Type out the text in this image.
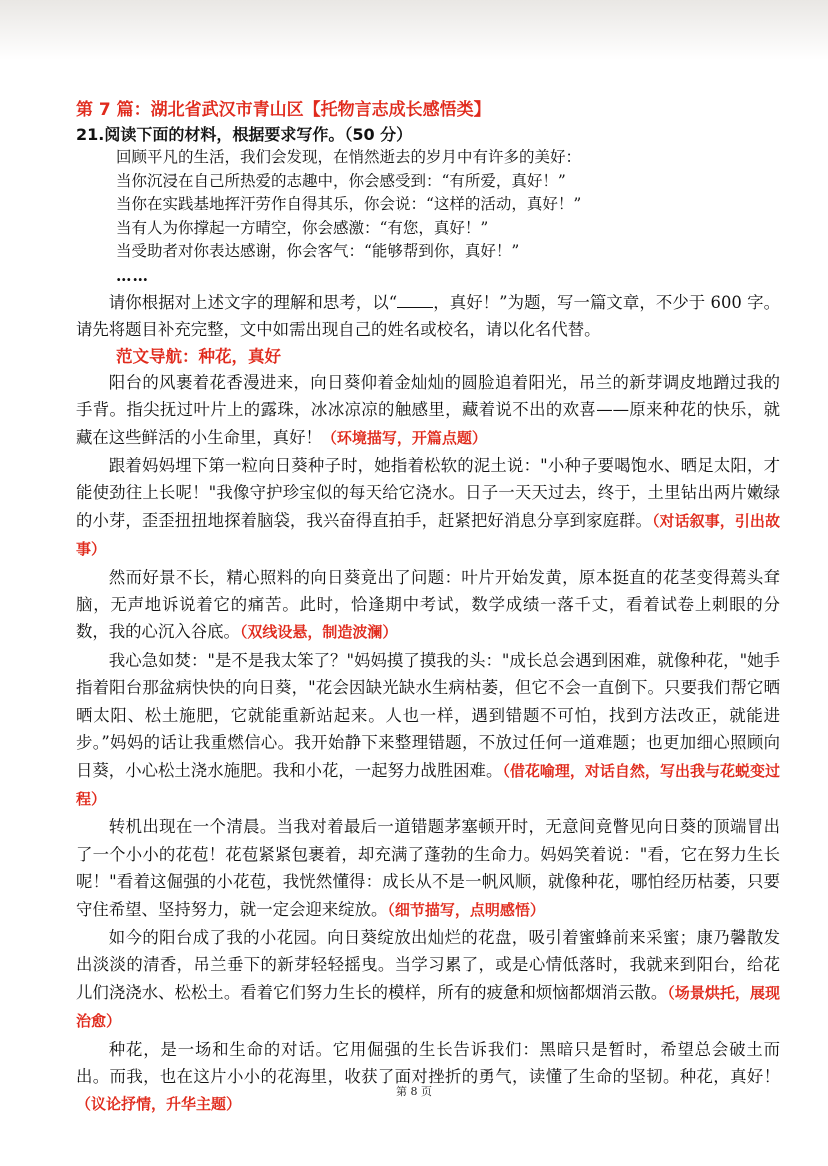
第 7 篇：湖北省武汉市青山区【托物言志成长感悟类】
21.阅读下面的材料，根据要求写作。（50 分）
回顾平凡的生活，我们会发现，在悄然逝去的岁月中有许多的美好：
当你沉浸在自己所热爱的志趣中，你会感受到：“有所爱，真好！”
当你在实践基地挥汗劳作自得其乐，你会说：“这样的活动，真好！”
当有人为你撑起一方晴空，你会感激：“有您，真好！”
当受助者对你表达感谢，你会客气：“能够帮到你，真好！”
……

请你根据对上述文字的理解和思考，以“ ，真好！”为题，写一篇文章，不少于 600 字。请先将题目补充完整，文中如需出现自己的姓名或校名，请以化名代替。

范文导航：种花，真好

阳台的风裹着花香漫进来，向日葵仰着金灿灿的圆脸追着阳光，吊兰的新芽调皮地蹭过我的手背。指尖抚过叶片上的露珠，冰冰凉凉的触感里，藏着说不出的欢喜——原来种花的快乐，就藏在这些鲜活的小生命里，真好！（环境描写，开篇点题）

跟着妈妈埋下第一粒向日葵种子时，她指着松软的泥土说："小种子要喝饱水、晒足太阳，才能使劲往上长呢！"我像守护珍宝似的每天给它浇水。日子一天天过去，终于，土里钻出两片嫩绿的小芽，歪歪扭扭地探着脑袋，我兴奋得直拍手，赶紧把好消息分享到家庭群。（对话叙事，引出故事）

然而好景不长，精心照料的向日葵竟出了问题：叶片开始发黄，原本挺直的花茎变得蔫头耷脑，无声地诉说着它的痛苦。此时，恰逢期中考试，数学成绩一落千丈，看着试卷上刺眼的分数，我的心沉入谷底。（双线设悬，制造波澜）

我心急如焚："是不是我太笨了？"妈妈摸了摸我的头："成长总会遇到困难，就像种花，"她手指着阳台那盆病快快的向日葵，"花会因缺光缺水生病枯萎，但它不会一直倒下。只要我们帮它晒晒太阳、松土施肥，它就能重新站起来。人也一样，遇到错题不可怕，找到方法改正，就能进步。”妈妈的话让我重燃信心。我开始静下来整理错题，不放过任何一道难题；也更加细心照顾向日葵，小心松土浇水施肥。我和小花，一起努力战胜困难。（借花喻理，对话自然，写出我与花蜕变过程）

转机出现在一个清晨。当我对着最后一道错题茅塞顿开时，无意间竟瞥见向日葵的顶端冒出了一个小小的花苞！花苞紧紧包裹着，却充满了蓬勃的生命力。妈妈笑着说："看，它在努力生长呢！"看着这倔强的小花苞，我恍然懂得：成长从不是一帆风顺，就像种花，哪怕经历枯萎，只要守住希望、坚持努力，就一定会迎来绽放。（细节描写，点明感悟）

如今的阳台成了我的小花园。向日葵绽放出灿烂的花盘，吸引着蜜蜂前来采蜜；康乃馨散发出淡淡的清香，吊兰垂下的新芽轻轻摇曳。当学习累了，或是心情低落时，我就来到阳台，给花儿们浇浇水、松松土。看着它们努力生长的模样，所有的疲惫和烦恼都烟消云散。（场景烘托，展现治愈）

种花，是一场和生命的对话。它用倔强的生长告诉我们：黑暗只是暂时，希望总会破土而出。而我，也在这片小小的花海里，收获了面对挫折的勇气，读懂了生命的坚韧。种花，真好！（议论抒情，升华主题）

第 8 页
